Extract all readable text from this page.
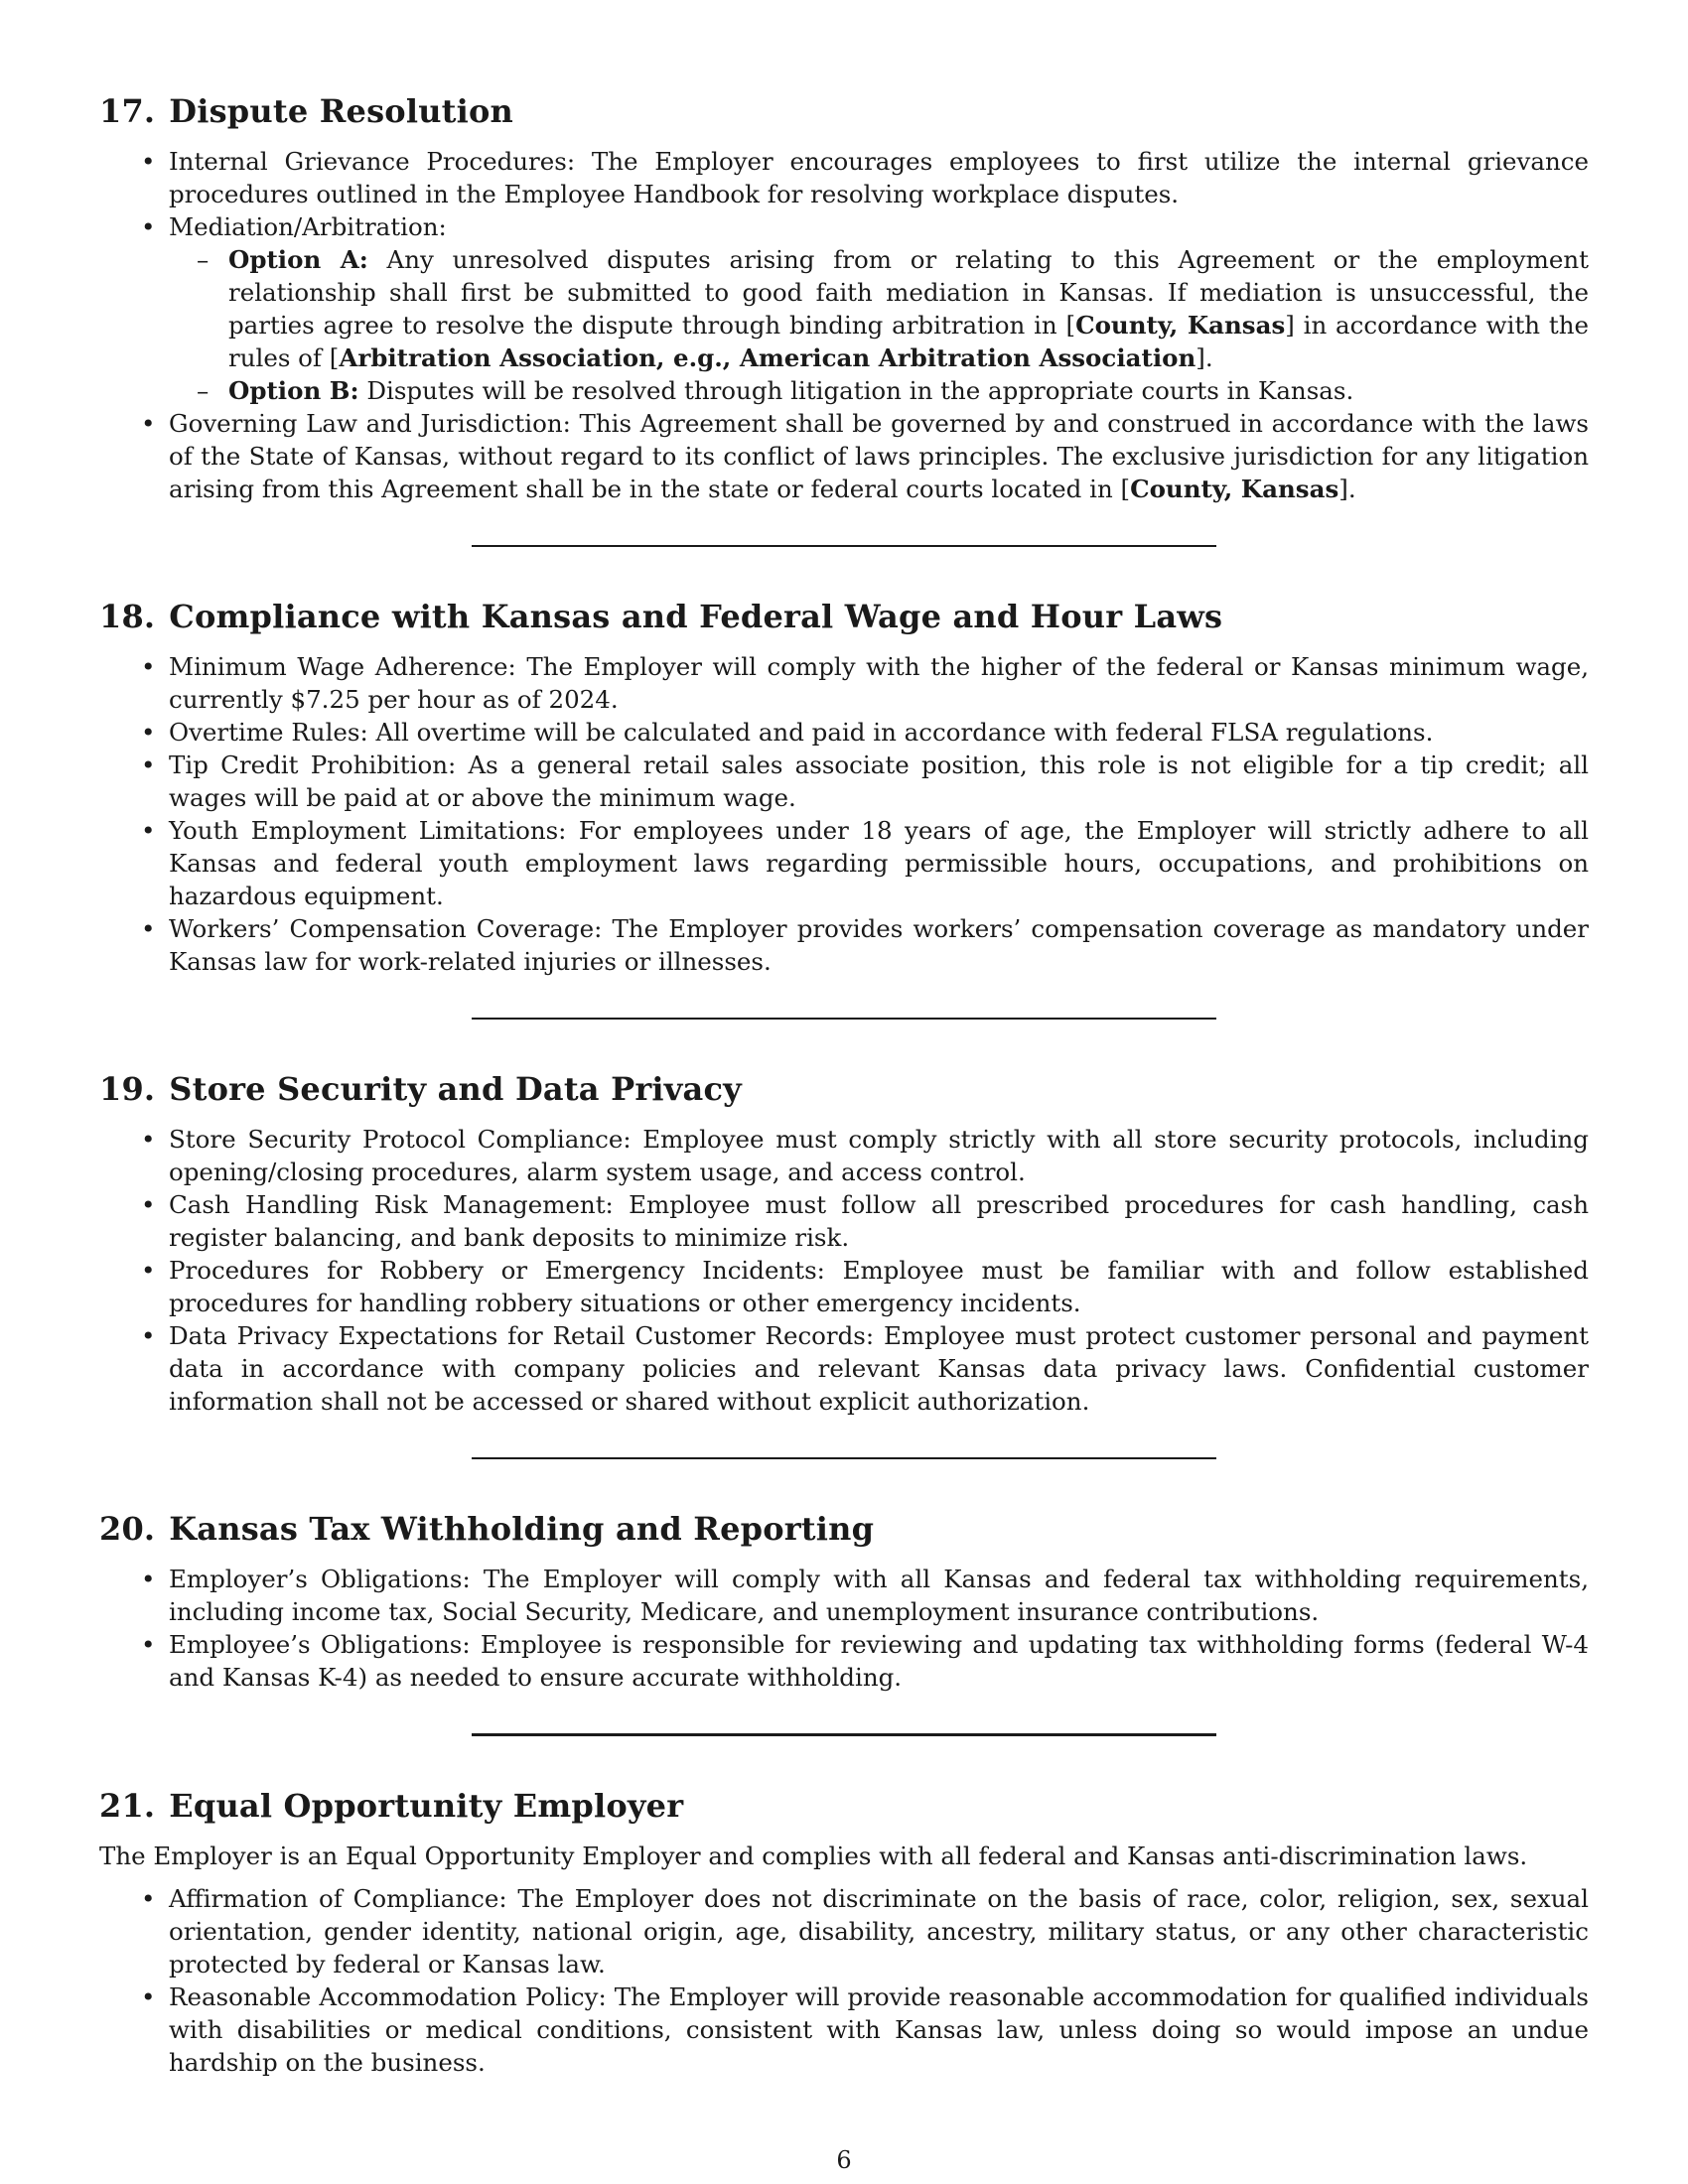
17. Dispute Resolution
• Internal Grievance Procedures: The Employer encourages employees to first utilize the internal grievance procedures outlined in the Employee Handbook for resolving workplace disputes.
• Mediation/Arbitration:
– Option A: Any unresolved disputes arising from or relating to this Agreement or the employment relationship shall first be submitted to good faith mediation in Kansas. If mediation is unsuccessful, the parties agree to resolve the dispute through binding arbitration in [County, Kansas] in accordance with the rules of [Arbitration Association, e.g., American Arbitration Association].
– Option B: Disputes will be resolved through litigation in the appropriate courts in Kansas.
• Governing Law and Jurisdiction: This Agreement shall be governed by and construed in accordance with the laws of the State of Kansas, without regard to its conflict of laws principles. The exclusive jurisdiction for any litigation arising from this Agreement shall be in the state or federal courts located in [County, Kansas].
18. Compliance with Kansas and Federal Wage and Hour Laws
• Minimum Wage Adherence: The Employer will comply with the higher of the federal or Kansas minimum wage, currently $7.25 per hour as of 2024.
• Overtime Rules: All overtime will be calculated and paid in accordance with federal FLSA regulations.
• Tip Credit Prohibition: As a general retail sales associate position, this role is not eligible for a tip credit; all wages will be paid at or above the minimum wage.
• Youth Employment Limitations: For employees under 18 years of age, the Employer will strictly adhere to all Kansas and federal youth employment laws regarding permissible hours, occupations, and prohibitions on hazardous equipment.
• Workers’ Compensation Coverage: The Employer provides workers’ compensation coverage as mandatory under Kansas law for work-related injuries or illnesses.
19. Store Security and Data Privacy
• Store Security Protocol Compliance: Employee must comply strictly with all store security protocols, including opening/closing procedures, alarm system usage, and access control.
• Cash Handling Risk Management: Employee must follow all prescribed procedures for cash handling, cash register balancing, and bank deposits to minimize risk.
• Procedures for Robbery or Emergency Incidents: Employee must be familiar with and follow established procedures for handling robbery situations or other emergency incidents.
• Data Privacy Expectations for Retail Customer Records: Employee must protect customer personal and payment data in accordance with company policies and relevant Kansas data privacy laws. Confidential customer information shall not be accessed or shared without explicit authorization.
20. Kansas Tax Withholding and Reporting
• Employer’s Obligations: The Employer will comply with all Kansas and federal tax withholding requirements, including income tax, Social Security, Medicare, and unemployment insurance contributions.
• Employee’s Obligations: Employee is responsible for reviewing and updating tax withholding forms (federal W-4 and Kansas K-4) as needed to ensure accurate withholding.
21. Equal Opportunity Employer

The Employer is an Equal Opportunity Employer and complies with all federal and Kansas anti-discrimination laws.

• Affirmation of Compliance: The Employer does not discriminate on the basis of race, color, religion, sex, sexual orientation, gender identity, national origin, age, disability, ancestry, military status, or any other characteristic protected by federal or Kansas law.
• Reasonable Accommodation Policy: The Employer will provide reasonable accommodation for qualified individuals with disabilities or medical conditions, consistent with Kansas law, unless doing so would impose an undue hardship on the business.
6
